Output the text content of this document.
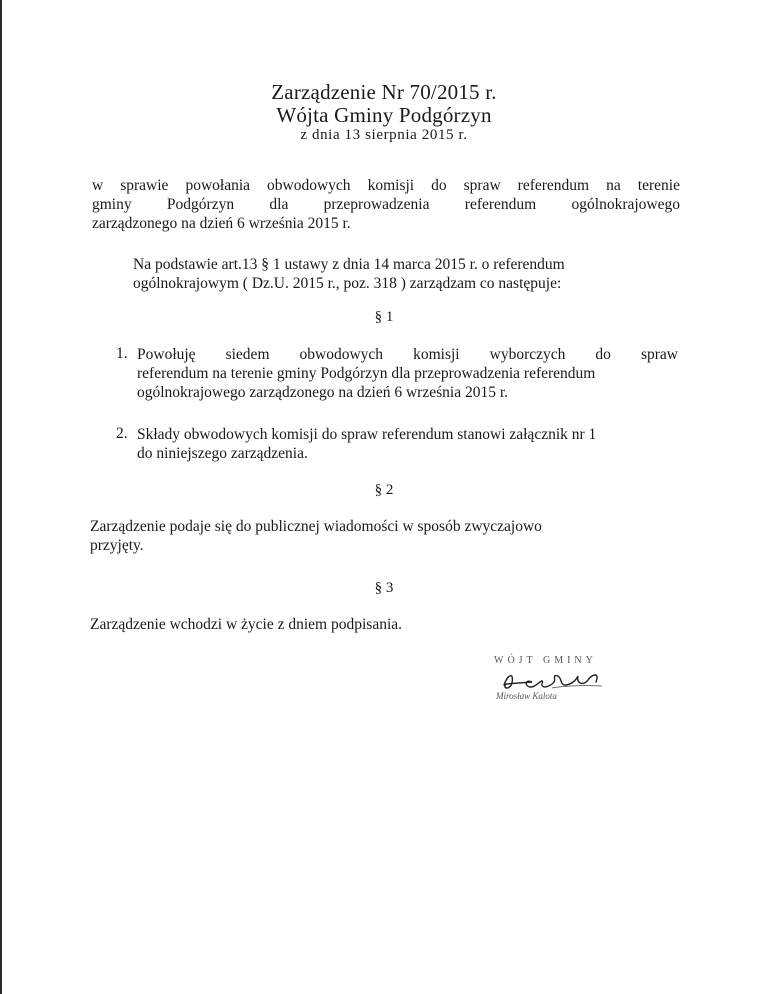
Zarządzenie Nr 70/2015 r.
Wójta Gminy Podgórzyn
z dnia 13 sierpnia 2015 r.
w sprawie powołania obwodowych komisji do spraw referendum na terenie
gminy Podgórzyn dla przeprowadzenia referendum ogólnokrajowego
zarządzonego na dzień 6 września 2015 r.
Na podstawie art.13 § 1 ustawy z dnia 14 marca 2015 r. o referendum
ogólnokrajowym ( Dz.U. 2015 r., poz. 318 ) zarządzam co następuje:
§ 1
1. Powołuję siedem obwodowych komisji wyborczych do spraw
referendum na terenie gminy Podgórzyn dla przeprowadzenia referendum
ogólnokrajowego zarządzonego na dzień 6 września 2015 r.
2. Składy obwodowych komisji do spraw referendum stanowi załącznik nr 1
do niniejszego zarządzenia.
§ 2
Zarządzenie podaje się do publicznej wiadomości w sposób zwyczajowo
przyjęty.
§ 3
Zarządzenie wchodzi w życie z dniem podpisania.
WÓJT GMINY
Mirosław Kalota
